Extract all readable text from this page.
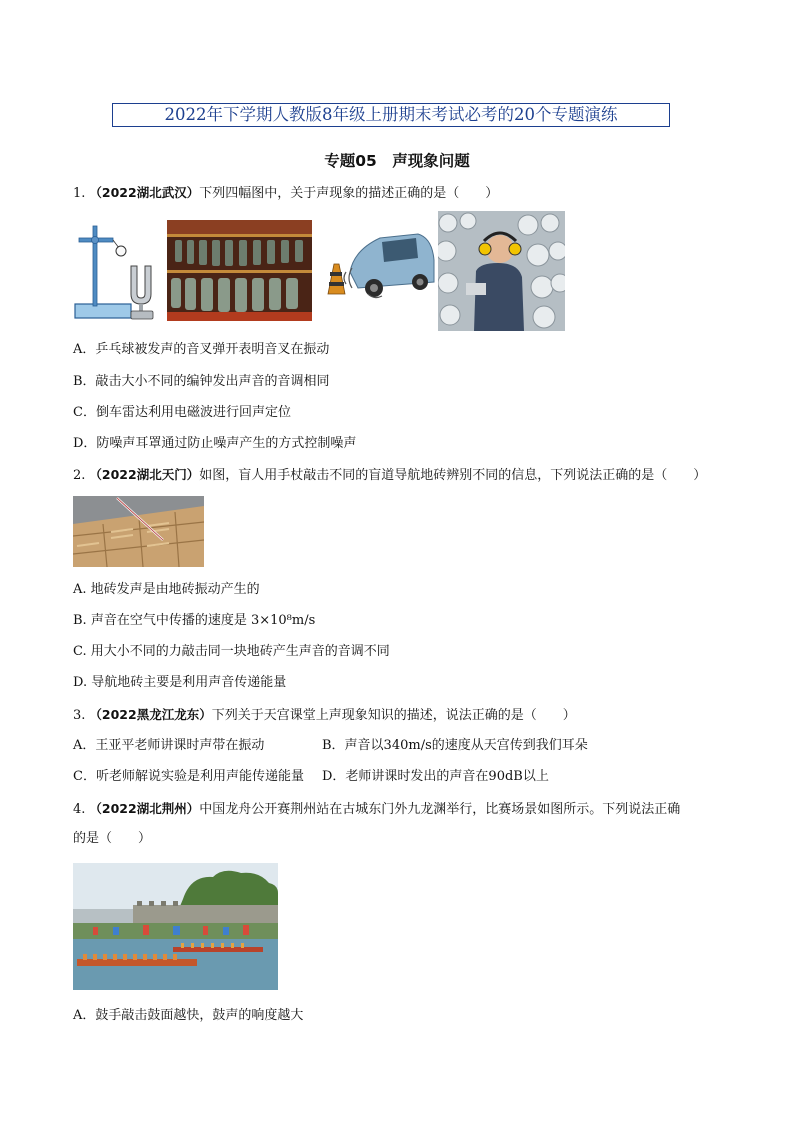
2022年下学期人教版8年级上册期末考试必考的20个专题演练
专题05　声现象问题
1. （2022湖北武汉）下列四幅图中，关于声现象的描述正确的是（　　）
A．乒乓球被发声的音叉弹开表明音叉在振动
B．敲击大小不同的编钟发出声音的音调相同
C．倒车雷达利用电磁波进行回声定位
D．防噪声耳罩通过防止噪声产生的方式控制噪声
2. （2022湖北天门）如图，盲人用手杖敲击不同的盲道导航地砖辨别不同的信息，下列说法正确的是（　　）
A. 地砖发声是由地砖振动产生的
B. 声音在空气中传播的速度是 3×10⁸m/s
C. 用大小不同的力敲击同一块地砖产生声音的音调不同
D. 导航地砖主要是利用声音传递能量
3. （2022黑龙江龙东）下列关于天宫课堂上声现象知识的描述，说法正确的是（　　）
A．王亚平老师讲课时声带在振动	B．声音以340m/s的速度从天宫传到我们耳朵
C．听老师解说实验是利用声能传递能量 D．老师讲课时发出的声音在90dB以上
4. （2022湖北荆州）中国龙舟公开赛荆州站在古城东门外九龙渊举行，比赛场景如图所示。下列说法正确
的是（　　）
A．鼓手敲击鼓面越快，鼓声的响度越大
